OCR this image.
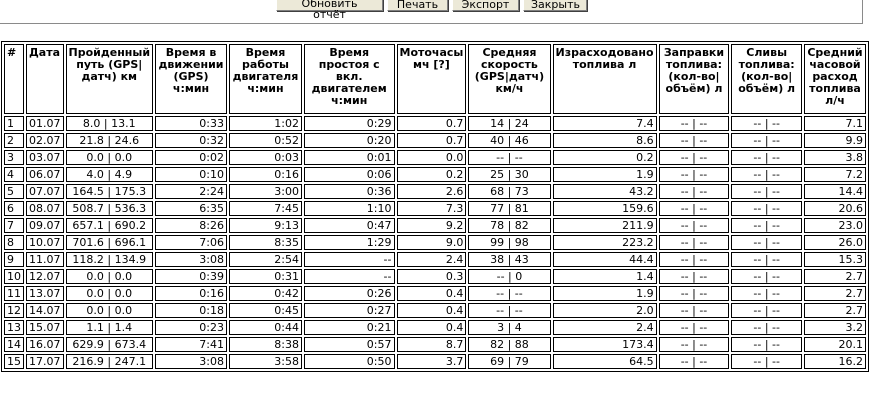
Обновить отчёт
Печать	Экспорт	Закрыть
#	Дата	Пройденный путь (GPS|датч) км	Время в движении (GPS) ч:мин	Время работы двигателя ч:мин	Время простоя с вкл. двигателем ч:мин	Моточасы мч [?]	Средняя скорость (GPS|датч) км/ч	Израсходовано топлива л	Заправки топлива: (кол-во|объём) л	Сливы топлива: (кол-во|объём) л	Средний часовой расход топлива л/ч
1	01.07	8.0 | 13.1	0:33	1:02	0:29	0.7	14 | 24	7.4	-- | --	-- | --	7.1
2	02.07	21.8 | 24.6	0:32	0:52	0:20	0.7	40 | 46	8.6	-- | --	-- | --	9.9
3	03.07	0.0 | 0.0	0:02	0:03	0:01	0.0	-- | --	0.2	-- | --	-- | --	3.8
4	06.07	4.0 | 4.9	0:10	0:16	0:06	0.2	25 | 30	1.9	-- | --	-- | --	7.2
5	07.07	164.5 | 175.3	2:24	3:00	0:36	2.6	68 | 73	43.2	-- | --	-- | --	14.4
6	08.07	508.7 | 536.3	6:35	7:45	1:10	7.3	77 | 81	159.6	-- | --	-- | --	20.6
7	09.07	657.1 | 690.2	8:26	9:13	0:47	9.2	78 | 82	211.9	-- | --	-- | --	23.0
8	10.07	701.6 | 696.1	7:06	8:35	1:29	9.0	99 | 98	223.2	-- | --	-- | --	26.0
9	11.07	118.2 | 134.9	3:08	2:54	--	2.4	38 | 43	44.4	-- | --	-- | --	15.3
10	12.07	0.0 | 0.0	0:39	0:31	--	0.3	-- | 0	1.4	-- | --	-- | --	2.7
11	13.07	0.0 | 0.0	0:16	0:42	0:26	0.4	-- | --	1.9	-- | --	-- | --	2.7
12	14.07	0.0 | 0.0	0:18	0:45	0:27	0.4	-- | --	2.0	-- | --	-- | --	2.7
13	15.07	1.1 | 1.4	0:23	0:44	0:21	0.4	3 | 4	2.4	-- | --	-- | --	3.2
14	16.07	629.9 | 673.4	7:41	8:38	0:57	8.7	82 | 88	173.4	-- | --	-- | --	20.1
15	17.07	216.9 | 247.1	3:08	3:58	0:50	3.7	69 | 79	64.5	-- | --	-- | --	16.2
